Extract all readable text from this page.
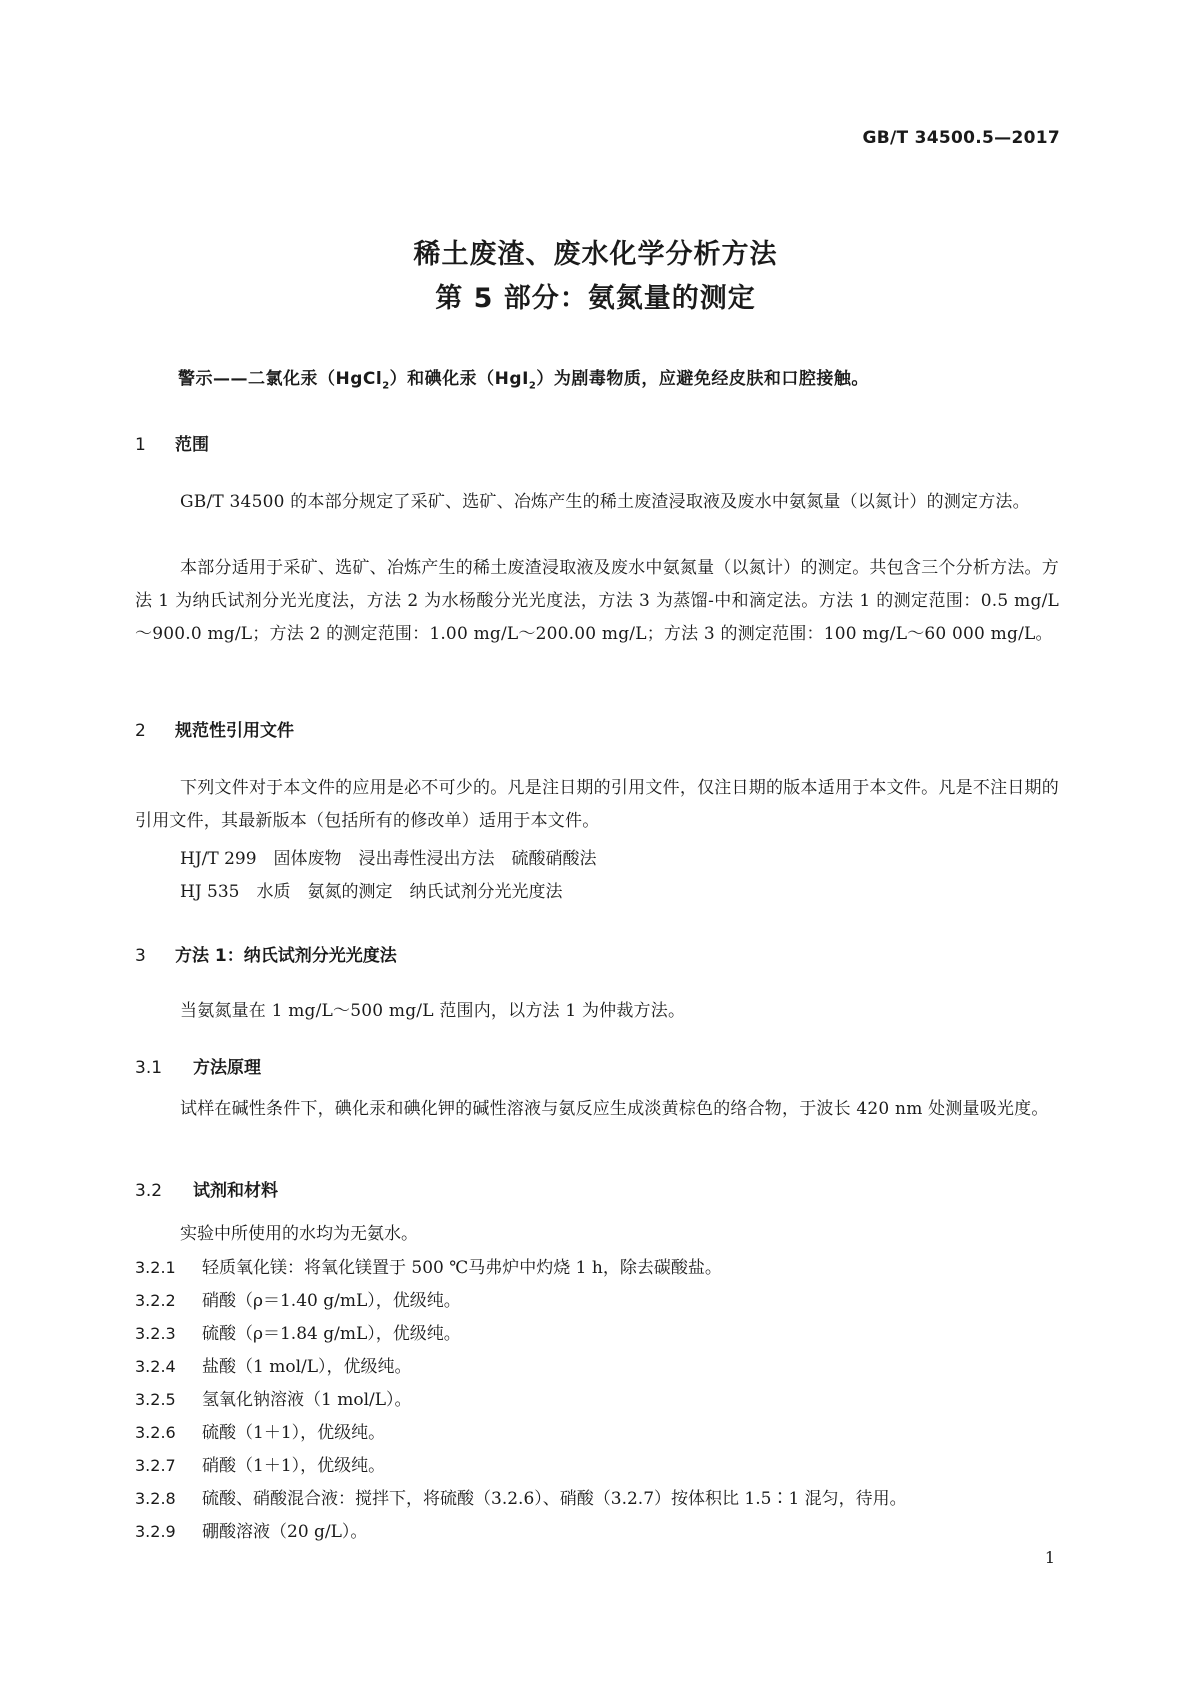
GB/T 34500.5—2017
稀土废渣、废水化学分析方法
第 5 部分：氨氮量的测定
警示——二氯化汞（HgCl$_2$）和碘化汞（HgI$_2$）为剧毒物质，应避免经皮肤和口腔接触。
1 范围
GB/T 34500 的本部分规定了采矿、选矿、冶炼产生的稀土废渣浸取液及废水中氨氮量（以氮计）的测定方法。
本部分适用于采矿、选矿、冶炼产生的稀土废渣浸取液及废水中氨氮量（以氮计）的测定。共包含三个分析方法。方法 1 为纳氏试剂分光光度法，方法 2 为水杨酸分光光度法，方法 3 为蒸馏-中和滴定法。方法 1 的测定范围：0.5 mg/L～900.0 mg/L；方法 2 的测定范围：1.00 mg/L～200.00 mg/L；方法 3 的测定范围：100 mg/L～60 000 mg/L。
2 规范性引用文件
下列文件对于本文件的应用是必不可少的。凡是注日期的引用文件，仅注日期的版本适用于本文件。凡是不注日期的引用文件，其最新版本（包括所有的修改单）适用于本文件。
HJ/T 299　固体废物　浸出毒性浸出方法　硫酸硝酸法
HJ 535　水质　氨氮的测定　纳氏试剂分光光度法
3 方法 1：纳氏试剂分光光度法
当氨氮量在 1 mg/L～500 mg/L 范围内，以方法 1 为仲裁方法。
3.1 方法原理
试样在碱性条件下，碘化汞和碘化钾的碱性溶液与氨反应生成淡黄棕色的络合物，于波长 420 nm 处测量吸光度。
3.2 试剂和材料
实验中所使用的水均为无氨水。
3.2.1 轻质氧化镁：将氧化镁置于 500 ℃马弗炉中灼烧 1 h，除去碳酸盐。
3.2.2 硝酸（ρ＝1.40 g/mL），优级纯。
3.2.3 硫酸（ρ＝1.84 g/mL），优级纯。
3.2.4 盐酸（1 mol/L），优级纯。
3.2.5 氢氧化钠溶液（1 mol/L）。
3.2.6 硫酸（1＋1），优级纯。
3.2.7 硝酸（1＋1），优级纯。
3.2.8 硫酸、硝酸混合液：搅拌下，将硫酸（3.2.6）、硝酸（3.2.7）按体积比 1.5∶1 混匀，待用。
3.2.9 硼酸溶液（20 g/L）。
1
